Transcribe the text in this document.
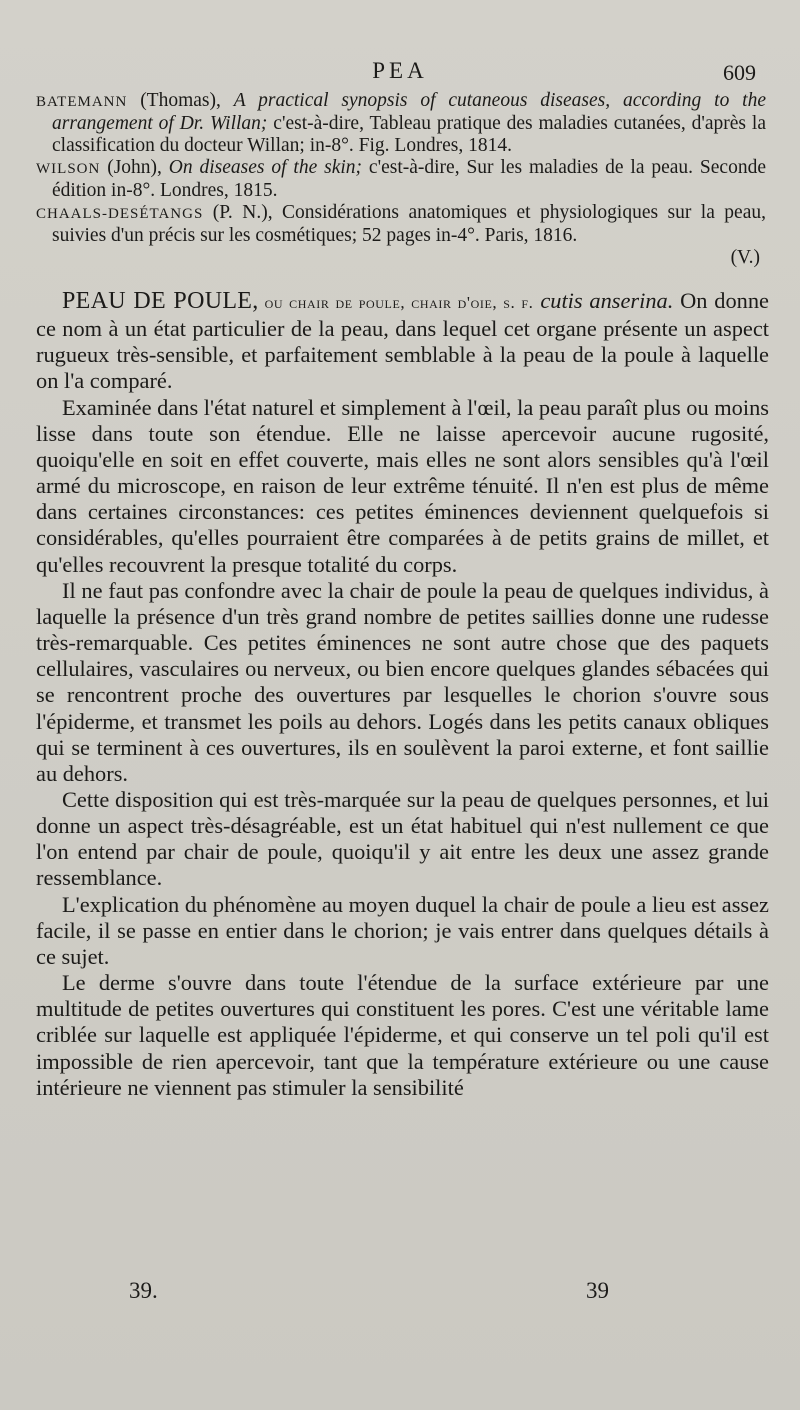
PEA	609

BATEMANN (Thomas), A practical synopsis of cutaneous diseases, according to the arrangement of Dr. Willan; c'est-à-dire, Tableau pratique des maladies cutanées, d'après la classification du docteur Willan; in-8°. Fig. Londres, 1814.

WILSON (John), On diseases of the skin; c'est-à-dire, Sur les maladies de la peau. Seconde édition in-8°. Londres, 1815.

CHAALS-DESÉTANGS (P. N.), Considérations anatomiques et physiologiques sur la peau, suivies d'un précis sur les cosmétiques; 52 pages in-4°. Paris, 1816.

(V.)

PEAU DE POULE, ou chair de poule, chair d'oie, s. f. cutis anserina. On donne ce nom à un état particulier de la peau, dans lequel cet organe présente un aspect rugueux très-sensible, et parfaitement semblable à la peau de la poule à laquelle on l'a comparé.

Examinée dans l'état naturel et simplement à l'œil, la peau paraît plus ou moins lisse dans toute son étendue. Elle ne laisse apercevoir aucune rugosité, quoiqu'elle en soit en effet couverte, mais elles ne sont alors sensibles qu'à l'œil armé du microscope, en raison de leur extrême ténuité. Il n'en est plus de même dans certaines circonstances: ces petites éminences deviennent quelquefois si considérables, qu'elles pourraient être comparées à de petits grains de millet, et qu'elles recouvrent la presque totalité du corps.

Il ne faut pas confondre avec la chair de poule la peau de quelques individus, à laquelle la présence d'un très grand nombre de petites saillies donne une rudesse très-remarquable. Ces petites éminences ne sont autre chose que des paquets cellulaires, vasculaires ou nerveux, ou bien encore quelques glandes sébacées qui se rencontrent proche des ouvertures par lesquelles le chorion s'ouvre sous l'épiderme, et transmet les poils au dehors. Logés dans les petits canaux obliques qui se terminent à ces ouvertures, ils en soulèvent la paroi externe, et font saillie au dehors.

Cette disposition qui est très-marquée sur la peau de quelques personnes, et lui donne un aspect très-désagréable, est un état habituel qui n'est nullement ce que l'on entend par chair de poule, quoiqu'il y ait entre les deux une assez grande ressemblance.

L'explication du phénomène au moyen duquel la chair de poule a lieu est assez facile, il se passe en entier dans le chorion; je vais entrer dans quelques détails à ce sujet.

Le derme s'ouvre dans toute l'étendue de la surface extérieure par une multitude de petites ouvertures qui constituent les pores. C'est une véritable lame criblée sur laquelle est appliquée l'épiderme, et qui conserve un tel poli qu'il est impossible de rien apercevoir, tant que la température extérieure ou une cause intérieure ne viennent pas stimuler la sensibilité

39.	39
